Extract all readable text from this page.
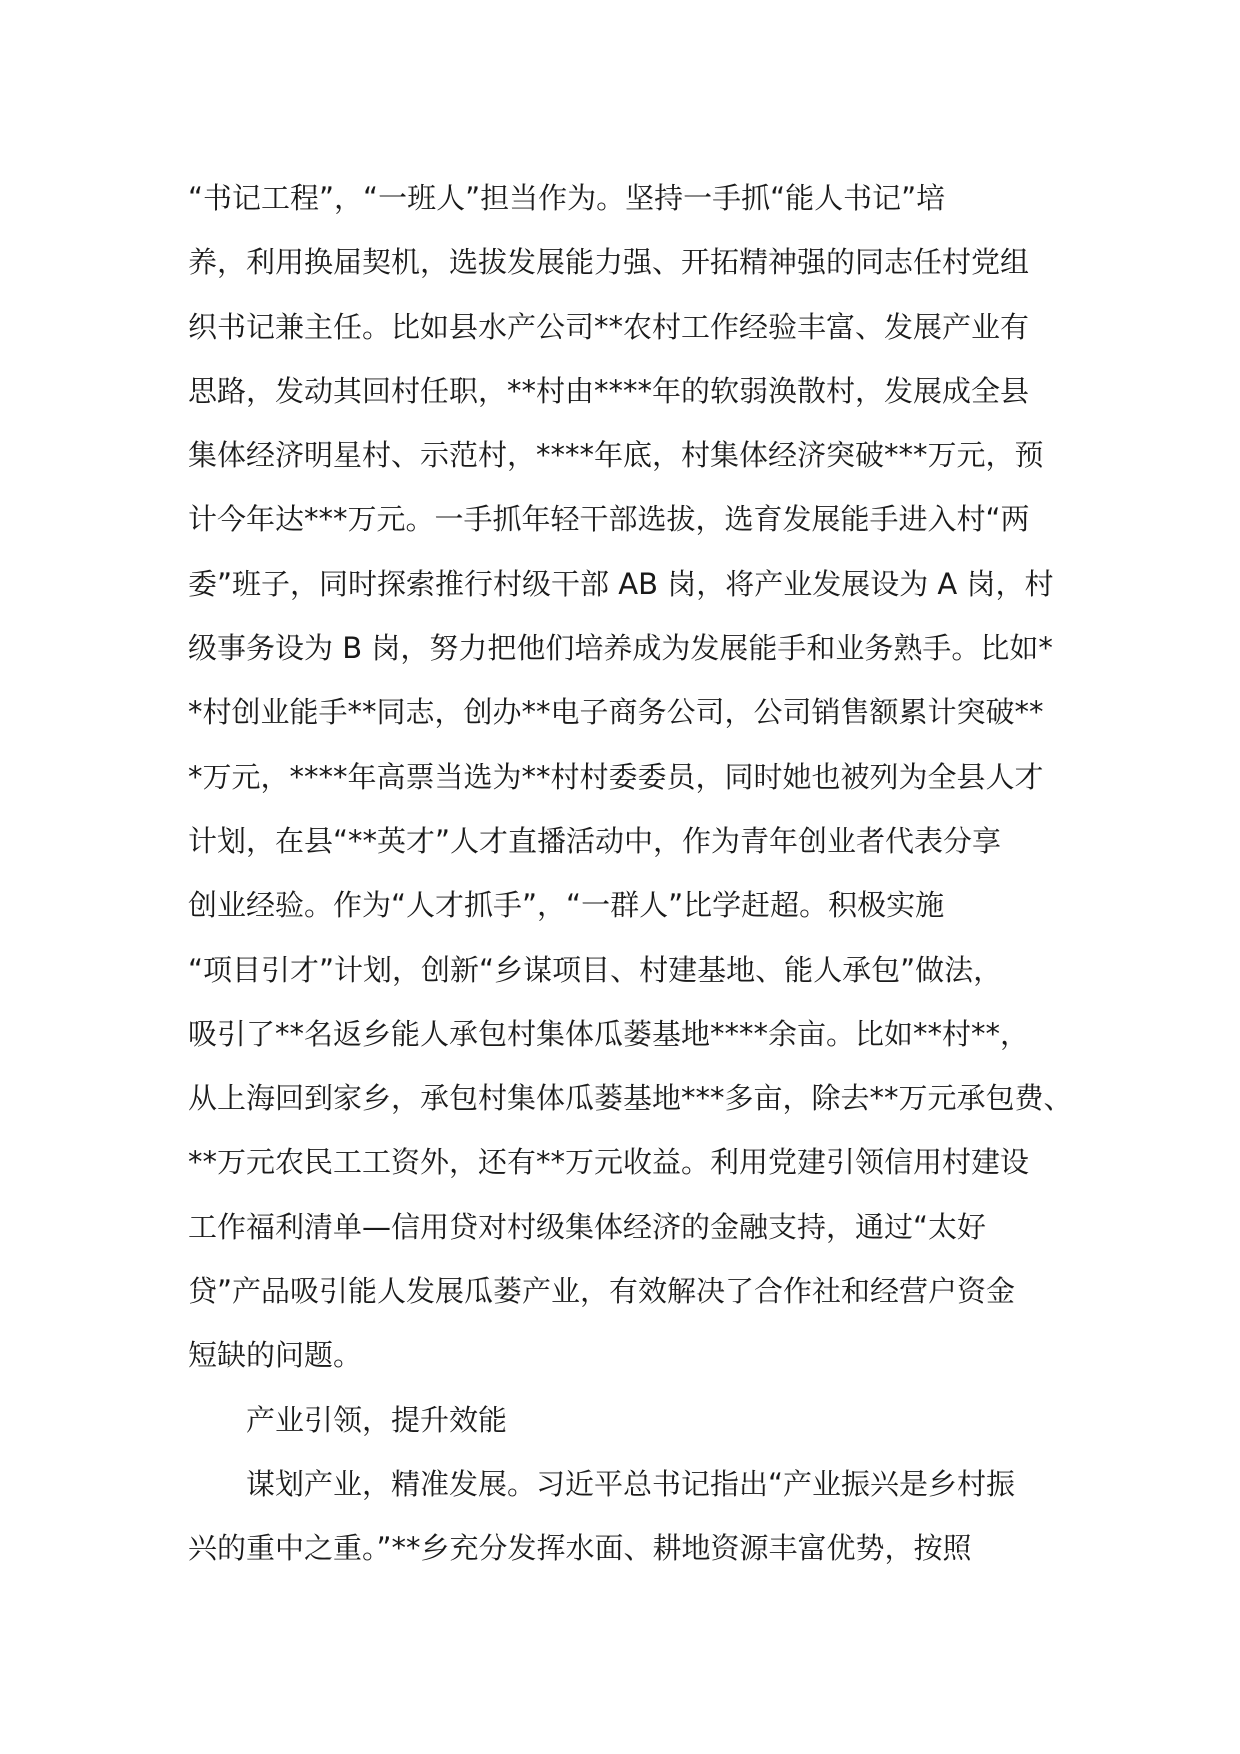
“书记工程”，“一班人”担当作为。坚持一手抓“能人书记”培
养，利用换届契机，选拔发展能力强、开拓精神强的同志任村党组
织书记兼主任。比如县水产公司**农村工作经验丰富、发展产业有
思路，发动其回村任职，**村由****年的软弱涣散村，发展成全县
集体经济明星村、示范村，****年底，村集体经济突破***万元，预
计今年达***万元。一手抓年轻干部选拔，选育发展能手进入村“两
委”班子，同时探索推行村级干部 AB 岗，将产业发展设为 A 岗，村
级事务设为 B 岗，努力把他们培养成为发展能手和业务熟手。比如*
*村创业能手**同志，创办**电子商务公司，公司销售额累计突破**
*万元，****年高票当选为**村村委委员，同时她也被列为全县人才
计划，在县“**英才”人才直播活动中，作为青年创业者代表分享
创业经验。作为“人才抓手”，“一群人”比学赶超。积极实施
“项目引才”计划，创新“乡谋项目、村建基地、能人承包”做法，
吸引了**名返乡能人承包村集体瓜蒌基地****余亩。比如**村**，
从上海回到家乡，承包村集体瓜蒌基地***多亩，除去**万元承包费、
**万元农民工工资外，还有**万元收益。利用党建引领信用村建设
工作福利清单—信用贷对村级集体经济的金融支持，通过“太好
贷”产品吸引能人发展瓜蒌产业，有效解决了合作社和经营户资金
短缺的问题。
产业引领，提升效能
谋划产业，精准发展。习近平总书记指出“产业振兴是乡村振
兴的重中之重。”**乡充分发挥水面、耕地资源丰富优势，按照
